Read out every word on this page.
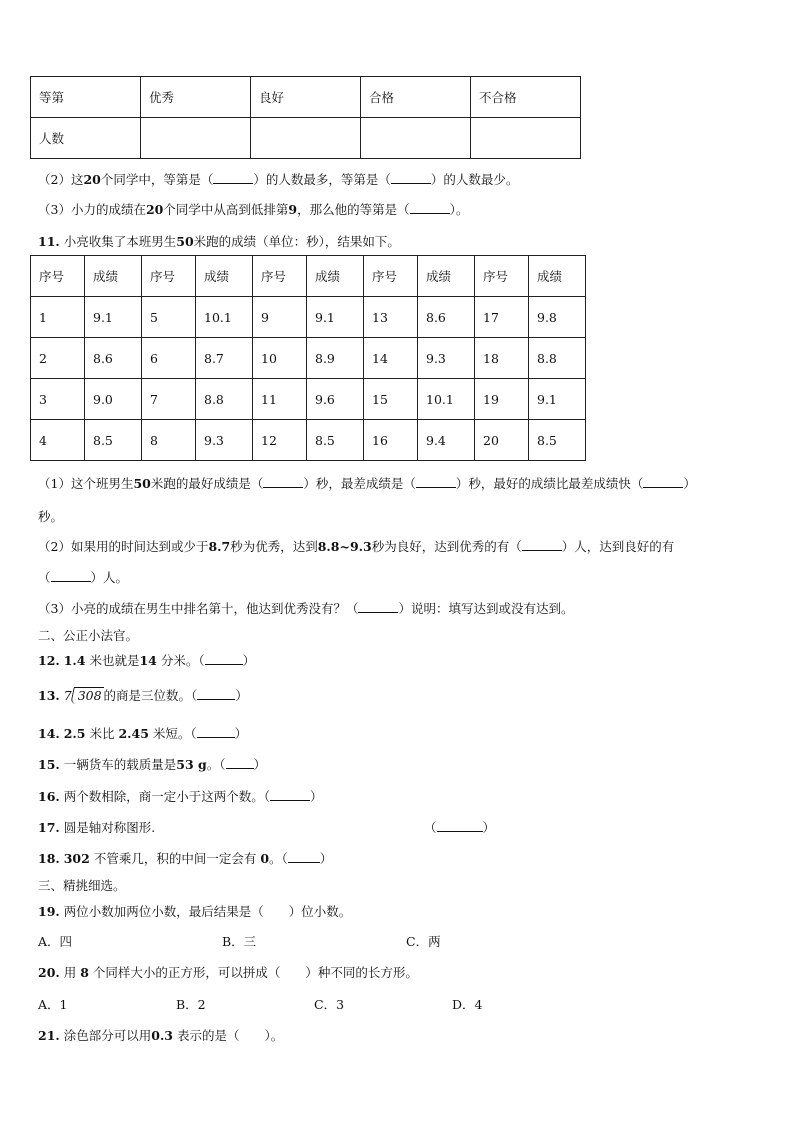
等第	优秀	良好	合格	不合格
人数				
（2）这20个同学中，等第是（	）的人数最多，等第是（	）的人数最少。
（3）小力的成绩在20个同学中从高到低排第9，那么他的等第是（	）。
11. 小亮收集了本班男生50米跑的成绩（单位：秒），结果如下。
序号	成绩	序号	成绩	序号	成绩	序号	成绩	序号	成绩
1	9.1	5	10.1	9	9.1	13	8.6	17	9.8
2	8.6	6	8.7	10	8.9	14	9.3	18	8.8
3	9.0	7	8.8	11	9.6	15	10.1	19	9.1
4	8.5	8	9.3	12	8.5	16	9.4	20	8.5
（1）这个班男生50米跑的最好成绩是（	）秒，最差成绩是（	）秒，最好的成绩比最差成绩快（	）
秒。
（2）如果用的时间达到或少于8.7秒为优秀，达到8.8~9.3秒为良好，达到优秀的有（	）人，达到良好的有
（	）人。
（3）小亮的成绩在男生中排名第十，他达到优秀没有？（	）说明：填写达到或没有达到。
二、公正小法官。
12. 1.4 米也就是14 分米。（	）
13. 7 308 的商是三位数。（	）
14. 2.5 米比 2.45 米短。（	）
15. 一辆货车的载质量是53 g。（ ）
16. 两个数相除，商一定小于这两个数。（	）
17. 圆是轴对称图形.	（	）
18. 302 不管乘几，积的中间一定会有 0。（	）
三、精挑细选。
19. 两位小数加两位小数，最后结果是（　　）位小数。
A．四	B．三	C．两
20. 用 8 个同样大小的正方形，可以拼成（　　）种不同的长方形。
A．1	B．2	C．3	D．4
21. 涂色部分可以用0.3 表示的是（　　）。
